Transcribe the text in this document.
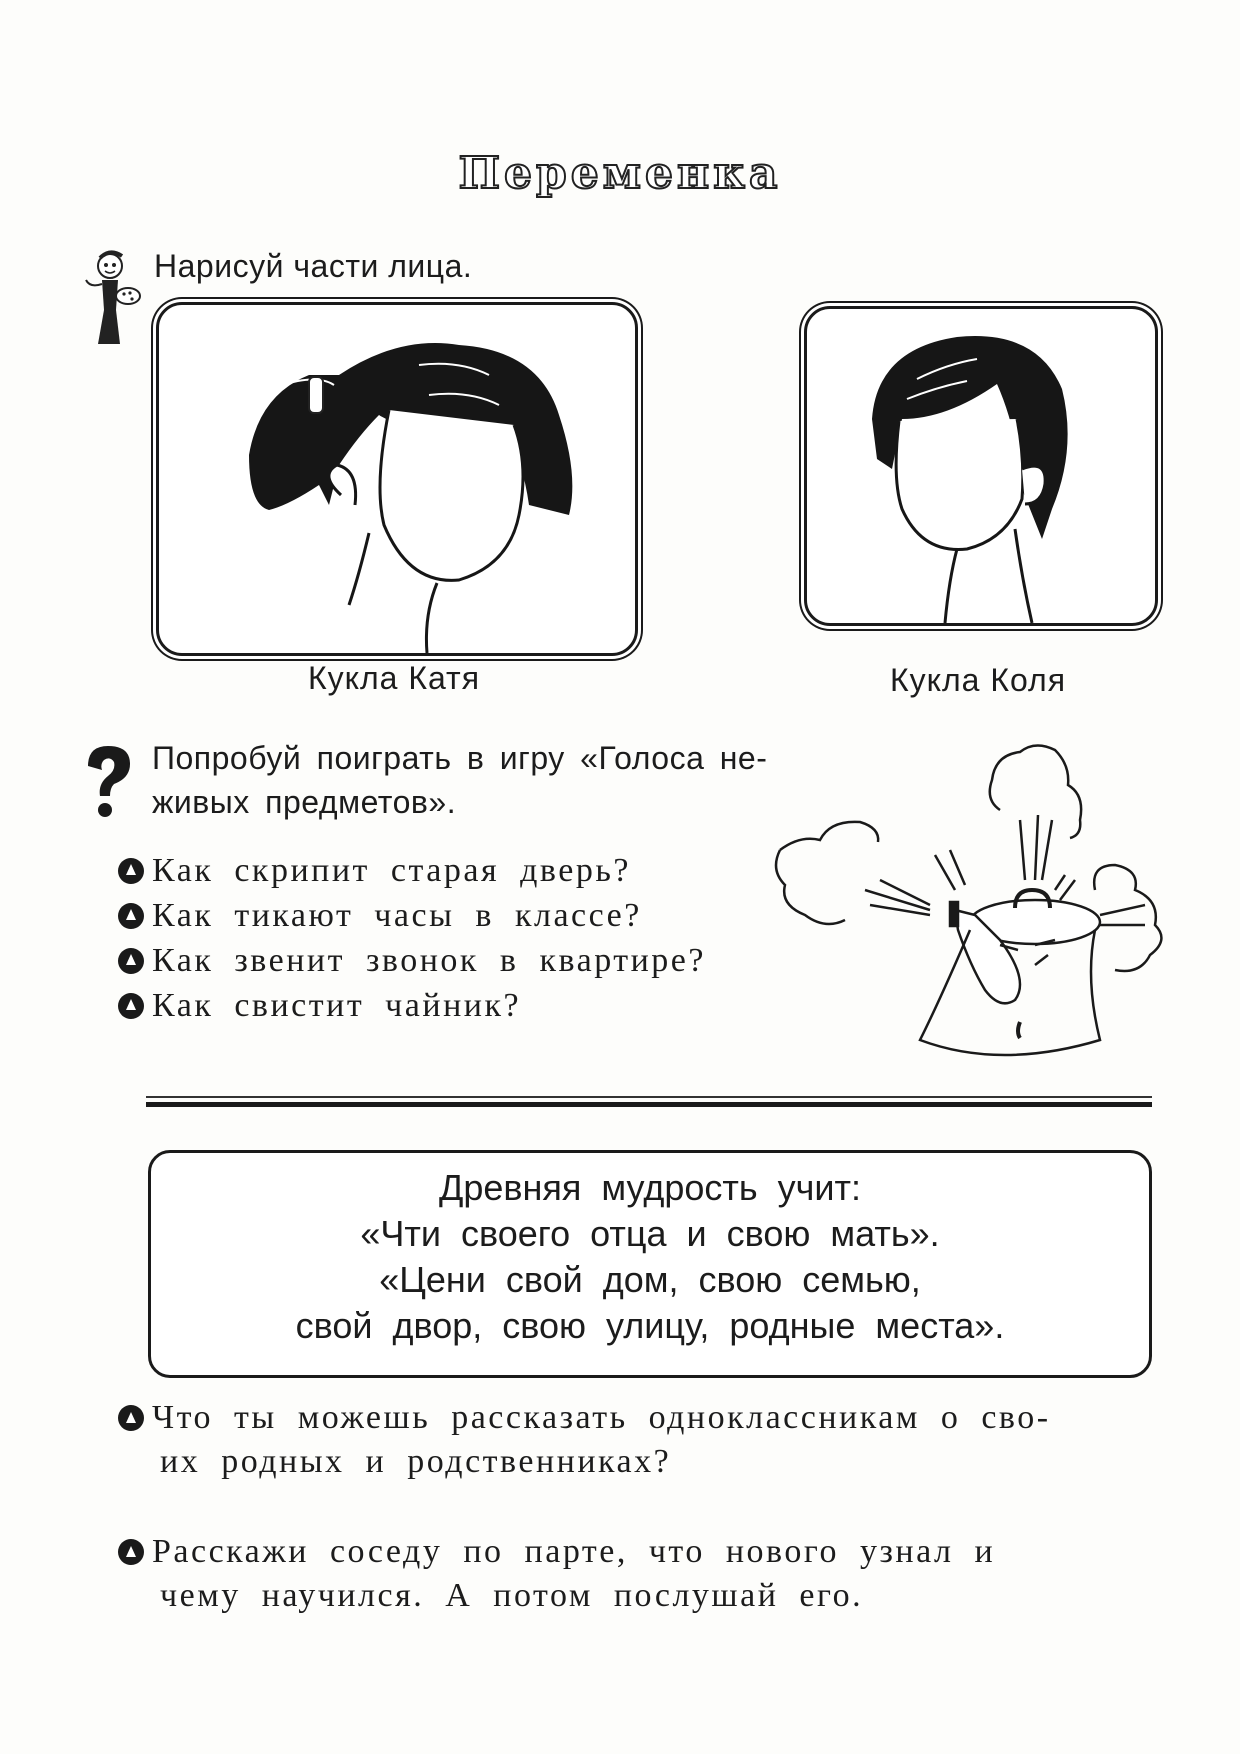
Переменка
Нарисуй части лица.
Кукла Катя	Кукла Коля
Попробуй поиграть в игру «Голоса не-
живых предметов».
Как скрипит старая дверь?
Как тикают часы в классе?
Как звенит звонок в квартире?
Как свистит чайник?
Древняя мудрость учит:
«Чти своего отца и свою мать».
«Цени свой дом, свою семью,
свой двор, свою улицу, родные места».
Что ты можешь рассказать одноклассникам о сво-
их родных и родственниках?
Расскажи соседу по парте, что нового узнал и
чему научился. А потом послушай его.
